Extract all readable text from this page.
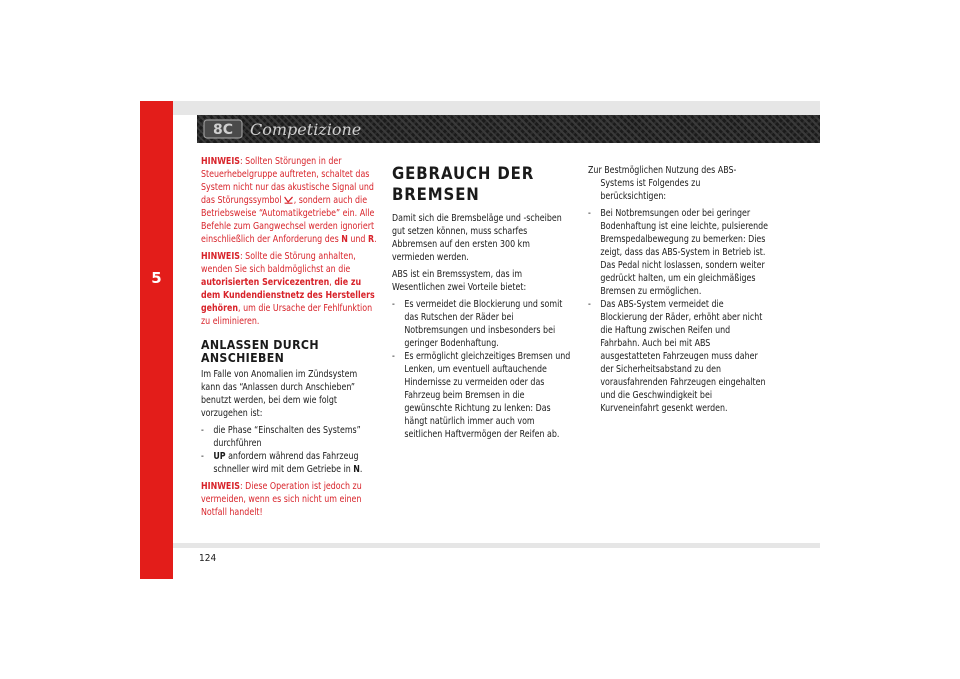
5
8C Competizione

HINWEIS: Sollten Störungen in der Steuerhebelgruppe auftreten, schaltet das System nicht nur das akustische Signal und das Störungssymbol , sondern auch die Betriebsweise “Automatikgetriebe” ein. Alle Befehle zum Gangwechsel werden ignoriert einschließlich der Anforderung des N und R.

HINWEIS: Sollte die Störung anhalten, wenden Sie sich baldmöglichst an die autorisierten Servicezentren, die zu dem Kundendienstnetz des Herstellers gehören, um die Ursache der Fehlfunktion zu eliminieren.

ANLASSEN DURCH
ANSCHIEBEN

Im Falle von Anomalien im Zündsystem kann das “Anlassen durch Anschieben” benutzt werden, bei dem wie folgt vorzugehen ist:

- die Phase “Einschalten des Systems” durchführen
- UP anfordern während das Fahrzeug schneller wird mit dem Getriebe in N.

HINWEIS: Diese Operation ist jedoch zu vermeiden, wenn es sich nicht um einen Notfall handelt!

GEBRAUCH DER
BREMSEN

Damit sich die Bremsbeläge und -scheiben gut setzen können, muss scharfes Abbremsen auf den ersten 300 km vermieden werden.

ABS ist ein Bremssystem, das im Wesentlichen zwei Vorteile bietet:

- Es vermeidet die Blockierung und somit das Rutschen der Räder bei Notbremsungen und insbesonders bei geringer Bodenhaftung.
- Es ermöglicht gleichzeitiges Bremsen und Lenken, um eventuell auftauchende Hindernisse zu vermeiden oder das Fahrzeug beim Bremsen in die gewünschte Richtung zu lenken: Das hängt natürlich immer auch vom seitlichen Haftvermögen der Reifen ab.

Zur Bestmöglichen Nutzung des ABS-Systems ist Folgendes zu berücksichtigen:

- Bei Notbremsungen oder bei geringer Bodenhaftung ist eine leichte, pulsierende Bremspedalbewegung zu bemerken: Dies zeigt, dass das ABS-System in Betrieb ist. Das Pedal nicht loslassen, sondern weiter gedrückt halten, um ein gleichmäßiges Bremsen zu ermöglichen.
- Das ABS-System vermeidet die Blockierung der Räder, erhöht aber nicht die Haftung zwischen Reifen und Fahrbahn. Auch bei mit ABS ausgestatteten Fahrzeugen muss daher der Sicherheitsabstand zu den vorausfahrenden Fahrzeugen eingehalten und die Geschwindigkeit bei Kurveneinfahrt gesenkt werden.
124
